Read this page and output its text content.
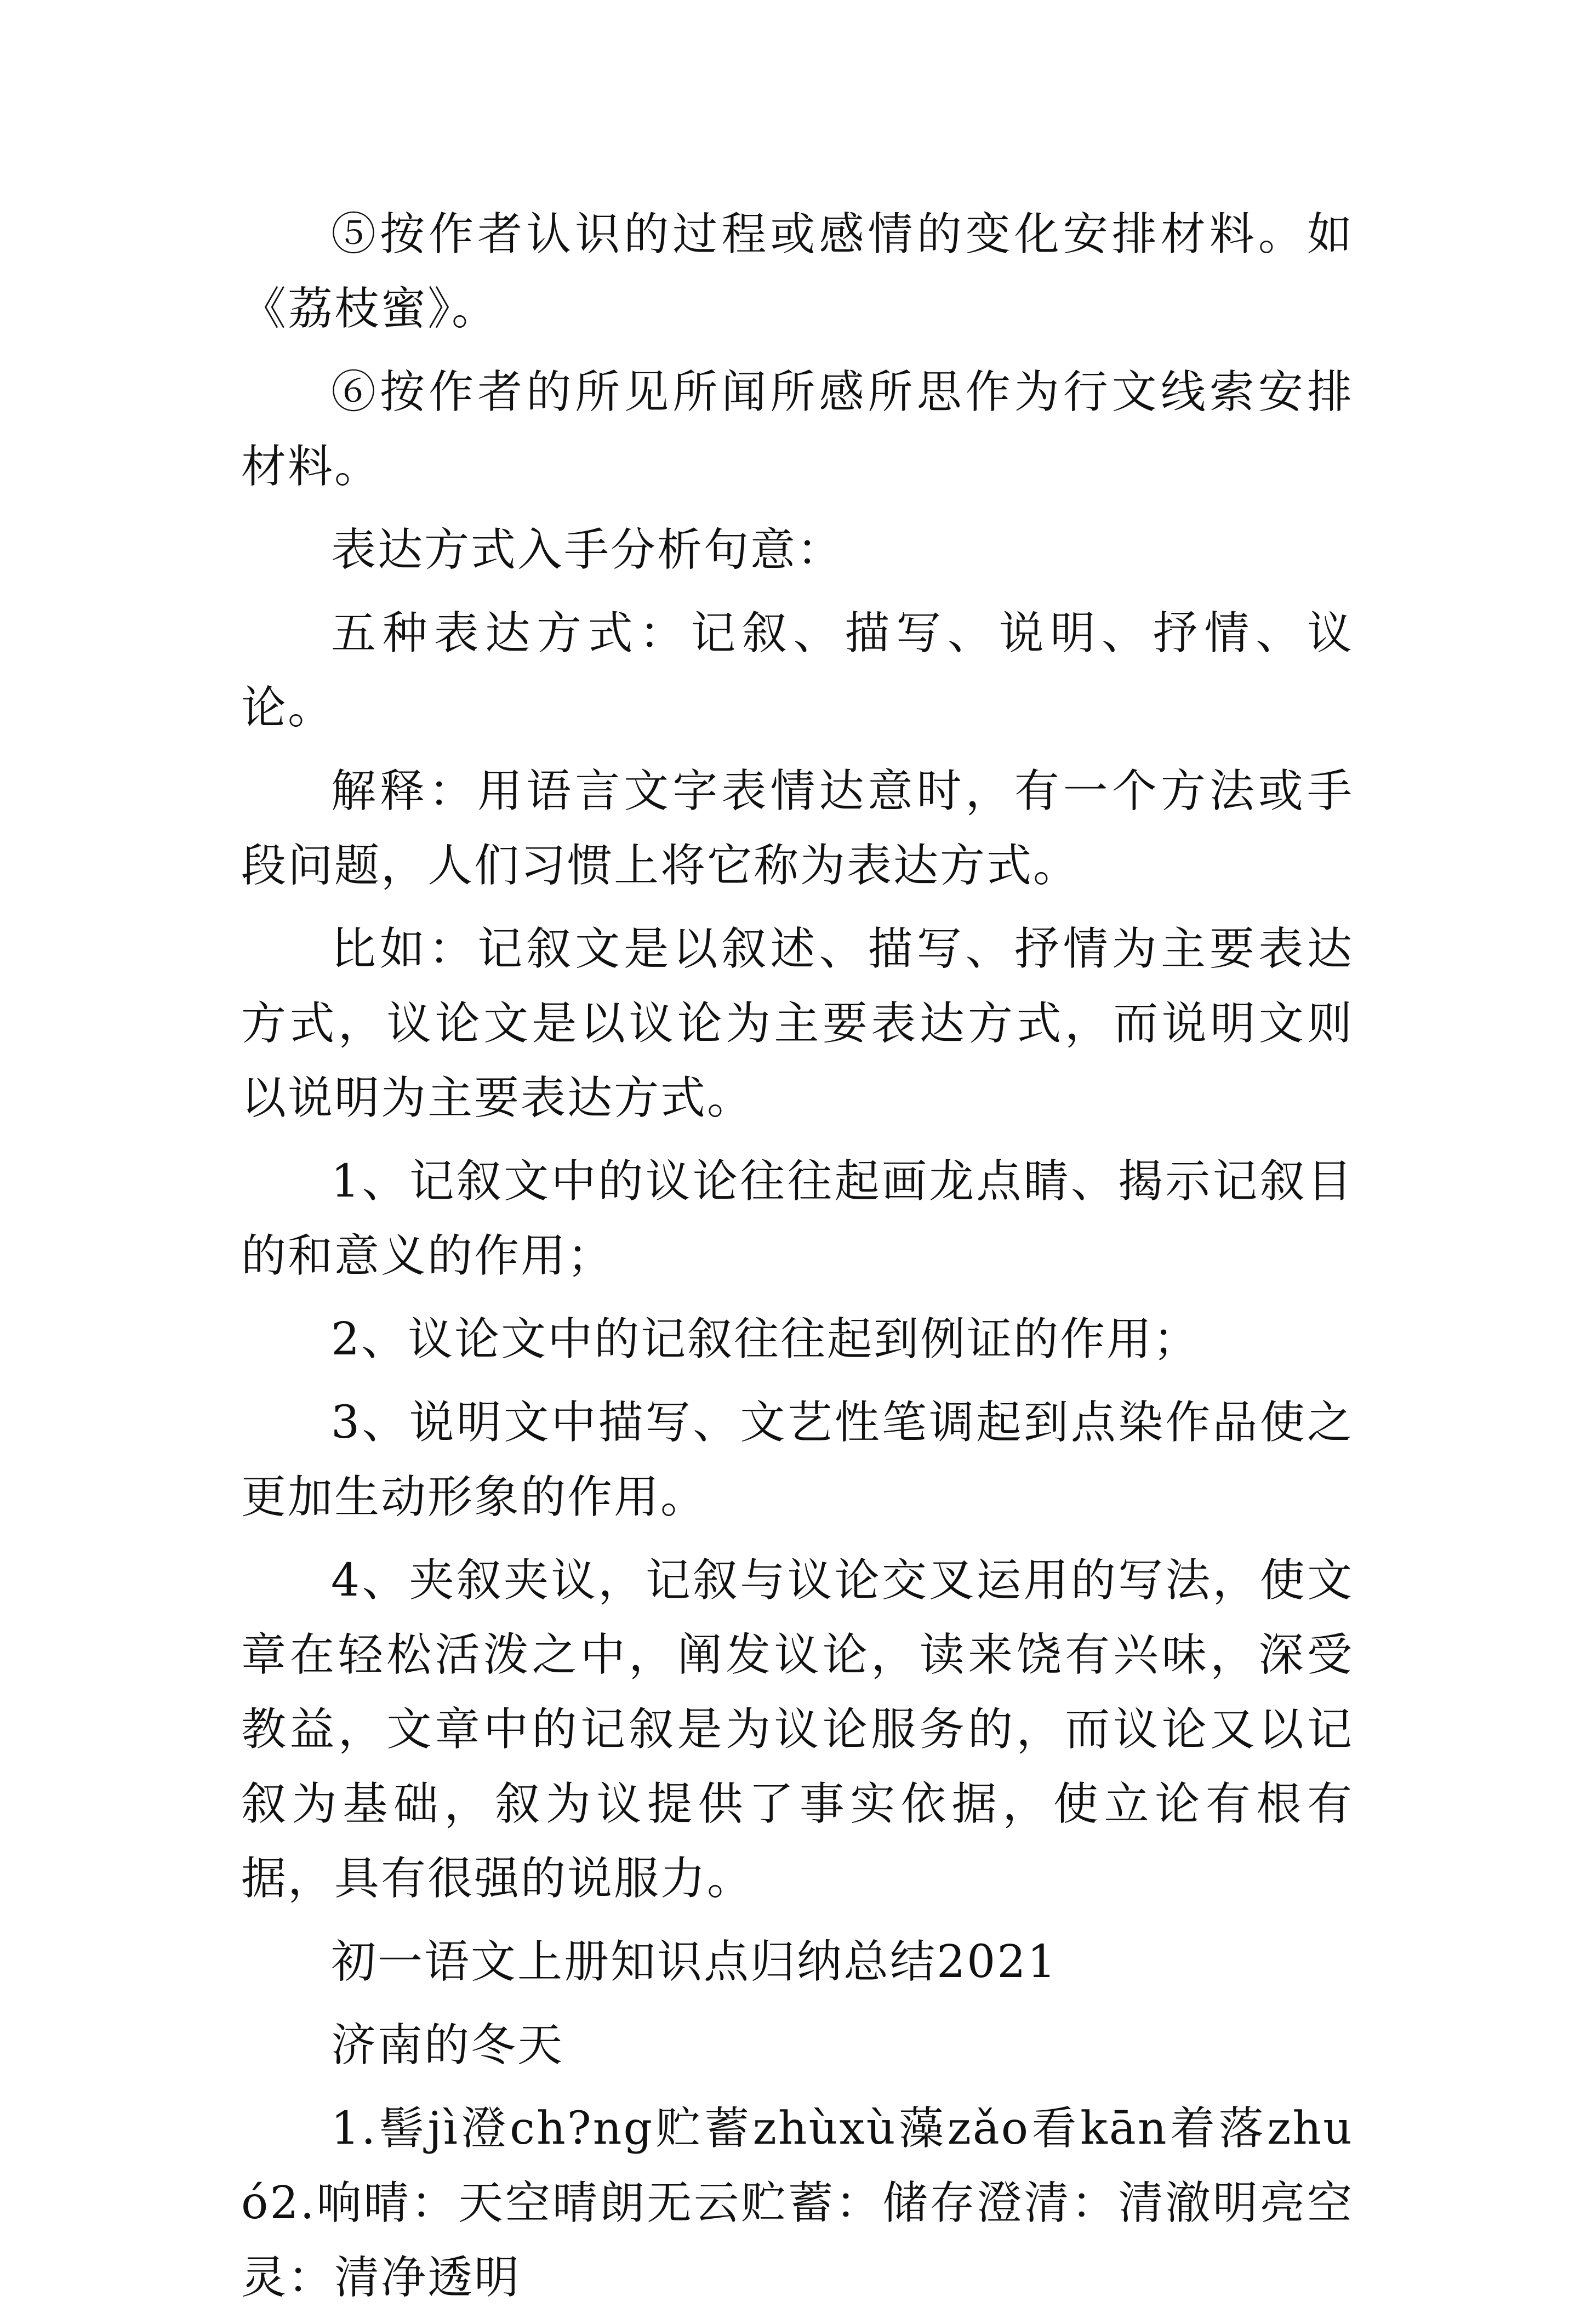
⑤按作者认识的过程或感情的变化安排材料。如《荔枝蜜》。

⑥按作者的所见所闻所感所思作为行文线索安排材料。

表达方式入手分析句意：

五种表达方式：记叙、描写、说明、抒情、议论。

解释：用语言文字表情达意时，有一个方法或手段问题，人们习惯上将它称为表达方式。

比如：记叙文是以叙述、描写、抒情为主要表达方式，议论文是以议论为主要表达方式，而说明文则以说明为主要表达方式。

1、记叙文中的议论往往起画龙点睛、揭示记叙目的和意义的作用；

2、议论文中的记叙往往起到例证的作用；

3、说明文中描写、文艺性笔调起到点染作品使之更加生动形象的作用。

4、夹叙夹议，记叙与议论交叉运用的写法，使文章在轻松活泼之中，阐发议论，读来饶有兴味，深受教益，文章中的记叙是为议论服务的，而议论又以记叙为基础，叙为议提供了事实依据，使立论有根有据，具有很强的说服力。

初一语文上册知识点归纳总结2021

济南的冬天

1.髻jì澄ch?ng贮蓄zhùxù藻zǎo看kān着落zhuó2.响晴：天空晴朗无云贮蓄：储存澄清：清澈明亮空灵：清净透明
